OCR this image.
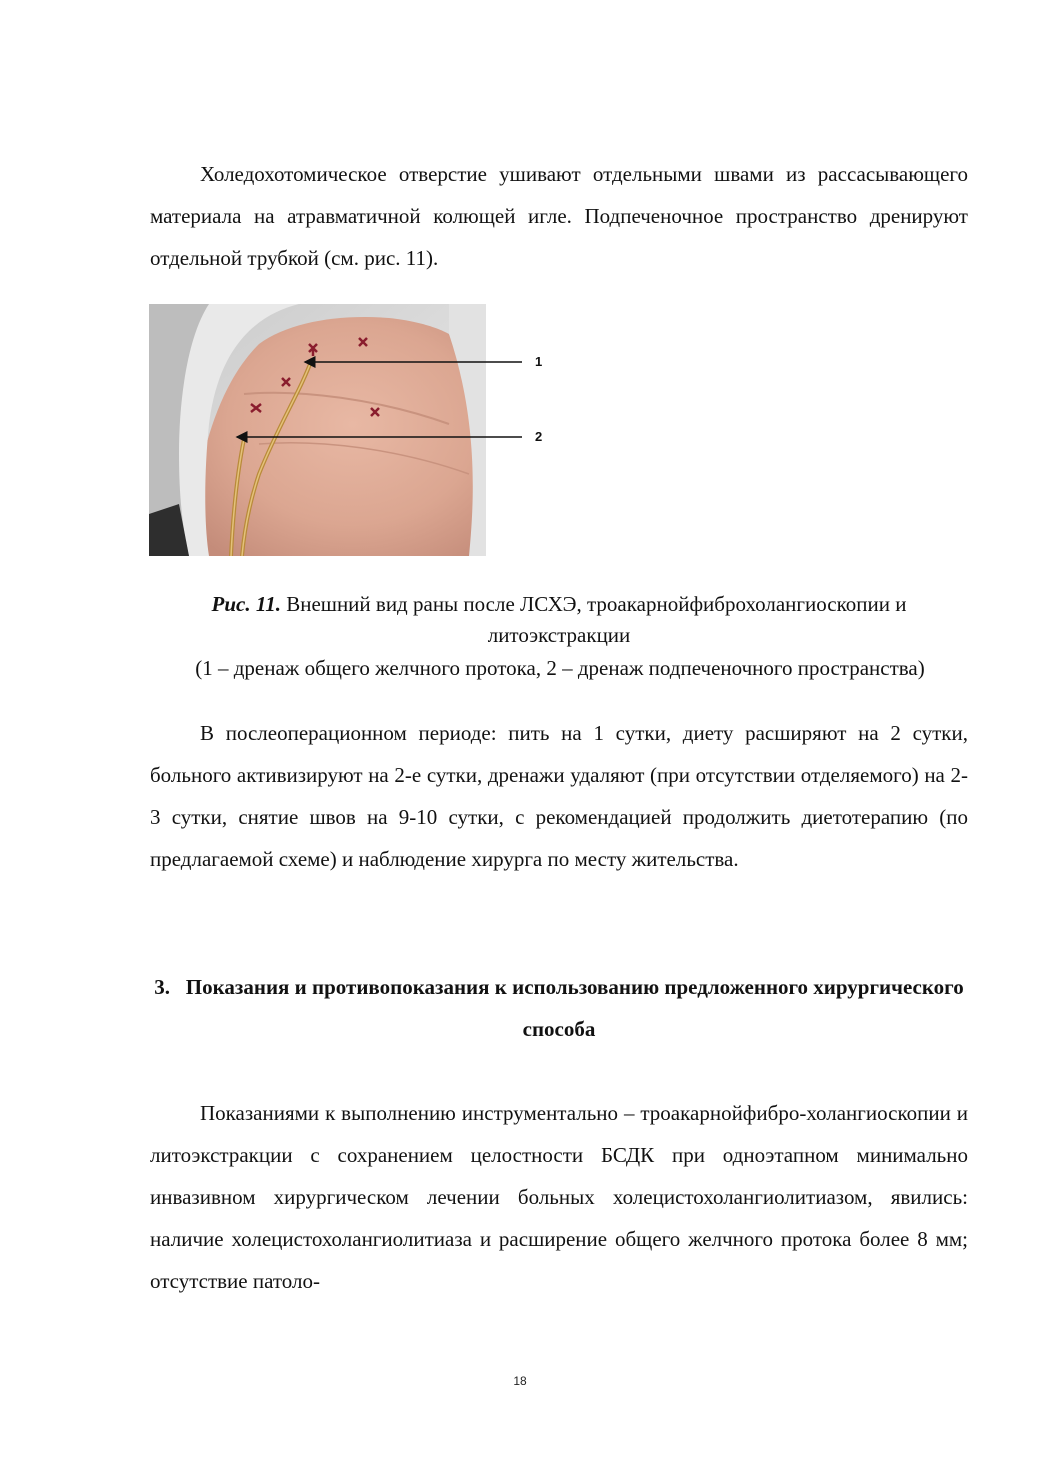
Холедохотомическое отверстие ушивают отдельными швами из рассасывающего материала на атравматичной колющей игле. Подпеченочное пространство дренируют отдельной трубкой (см. рис. 11).
1
2
Рис. 11. Внешний вид раны после ЛСХЭ, троакарнойфиброхолангиоскопии и литоэкстракции
(1 – дренаж общего желчного протока, 2 – дренаж подпеченочного пространства)
В послеоперационном периоде: пить на 1 сутки, диету расширяют на 2 сутки, больного активизируют на 2-е сутки, дренажи удаляют (при отсутствии отделяемого) на 2-3 сутки, снятие швов на 9-10 сутки, с рекомендацией продолжить диетотерапию (по предлагаемой схеме) и наблюдение хирурга по месту жительства.
3.   Показания и противопоказания к использованию предложенного хирургического способа
Показаниями к выполнению инструментально – троакарнойфибро-холангиоскопии и литоэкстракции с сохранением целостности БСДК при одноэтапном минимально инвазивном хирургическом лечении больных холецистохолангиолитиазом, явились: наличие холецистохолангиолитиаза и расширение общего желчного протока более 8 мм; отсутствие патоло-
18
